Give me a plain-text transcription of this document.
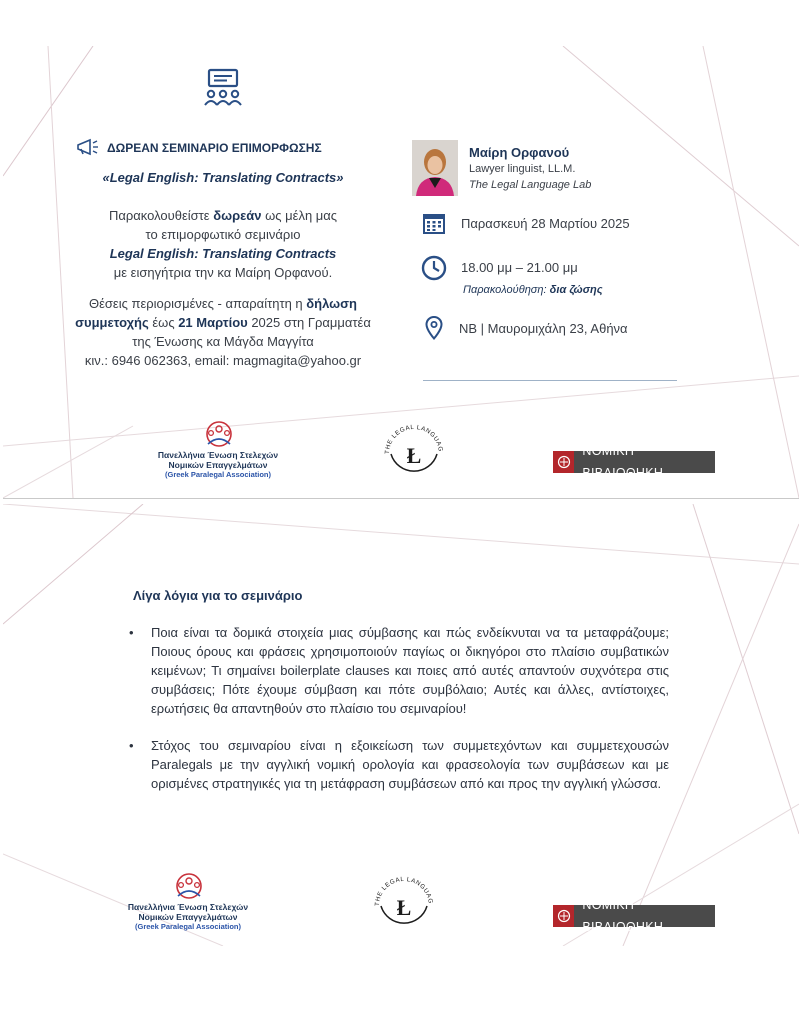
ΔΩΡΕΑΝ ΣΕΜΙΝΑΡΙΟ ΕΠΙΜΟΡΦΩΣΗΣ
«Legal English: Translating Contracts»
Παρακολουθείστε δωρεάν ως μέλη μας
το επιμορφωτικό σεμινάριο
Legal English: Translating Contracts
με εισηγήτρια την κα Μαίρη Ορφανού.
Θέσεις περιορισμένες - απαραίτητη η δήλωση
συμμετοχής έως 21 Μαρτίου 2025 στη Γραμματέα
της Ένωσης κα Μάγδα Μαγγίτα
κιν.: 6946 062363, email: magmagita@yahoo.gr
Μαίρη Ορφανού
Lawyer linguist, LL.M.
The Legal Language Lab
Παρασκευή 28 Μαρτίου 2025
18.00 μμ – 21.00 μμ
Παρακολούθηση: δια ζώσης
ΝΒ | Μαυρομιχάλη 23, Αθήνα
Πανελλήνια Ένωση Στελεχών
Νομικών Επαγγελμάτων
(Greek Paralegal Association)
THE LEGAL LANGUAG
Ł	ΝΟΜΙΚΗ ΒΙΒΛΙΟΘΗΚΗ
Λίγα λόγια για το σεμινάριο
• Ποια είναι τα δομικά στοιχεία μιας σύμβασης και πώς ενδείκνυται να τα μεταφράζουμε; Ποιους όρους και φράσεις χρησιμοποιούν παγίως οι δικηγόροι στο πλαίσιο συμβατικών κειμένων; Τι σημαίνει boilerplate clauses και ποιες από αυτές απαντούν συχνότερα στις συμβάσεις; Πότε έχουμε σύμβαση και πότε συμβόλαιο; Αυτές και άλλες, αντίστοιχες, ερωτήσεις θα απαντηθούν στο πλαίσιο του σεμιναρίου!
• Στόχος του σεμιναρίου είναι η εξοικείωση των συμμετεχόντων και συμμετεχουσών Paralegals με την αγγλική νομική ορολογία και φρασεολογία των συμβάσεων και με ορισμένες στρατηγικές για τη μετάφραση συμβάσεων από και προς την αγγλική γλώσσα.
Πανελλήνια Ένωση Στελεχών
Νομικών Επαγγελμάτων
(Greek Paralegal Association)
THE LEGAL LANGUAG
Ł	ΝΟΜΙΚΗ ΒΙΒΛΙΟΘΗΚΗ
